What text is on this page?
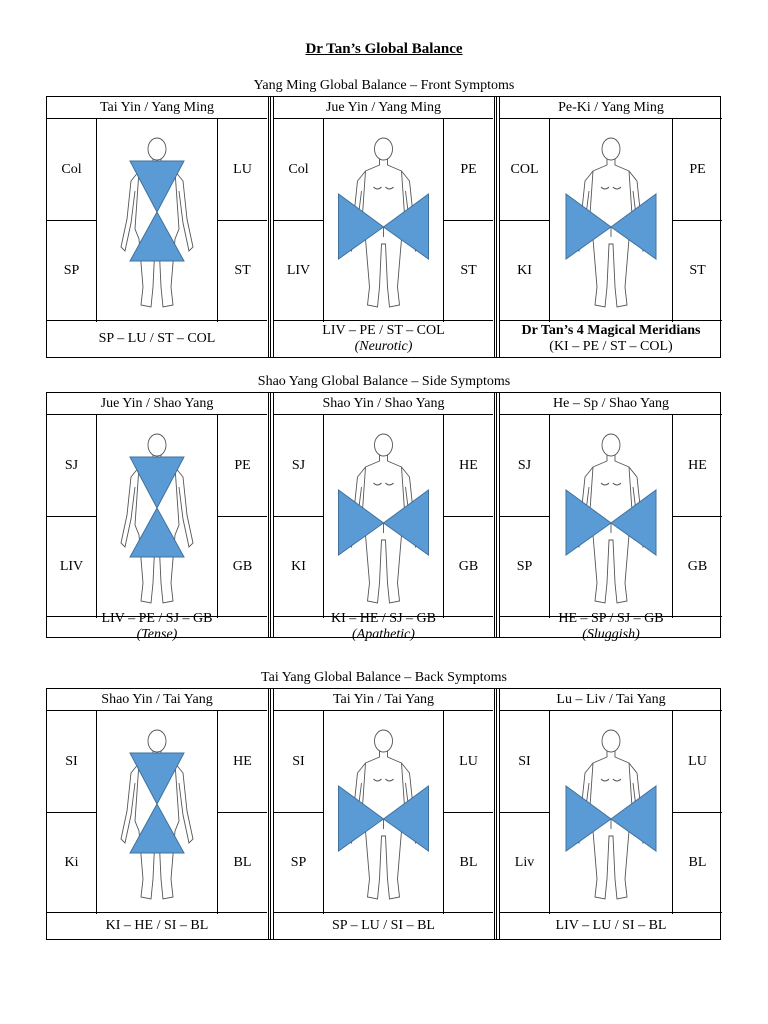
Dr Tan’s Global Balance
Tai Yin / Yang Ming
Col
SP
LU
ST
SP – LU / ST – COL
Jue Yin / Yang Ming
Col
LIV
PE
ST
LIV – PE / ST – COL
(Neurotic)
Pe-Ki / Yang Ming
COL
KI
PE
ST
Dr Tan’s 4 Magical Meridians
(KI – PE / ST – COL)
Jue Yin / Shao Yang
SJ
LIV
PE
GB
LIV – PE / SJ – GB
(Tense)
Shao Yin / Shao Yang
SJ
KI
HE
GB
KI – HE / SJ – GB
(Apathetic)
He – Sp / Shao Yang
SJ
SP
HE
GB
HE – SP / SJ – GB
(Sluggish)
Shao Yin / Tai Yang
SI
Ki
HE
BL
KI – HE / SI – BL
Tai Yin / Tai Yang
SI
SP
LU
BL
SP – LU / SI – BL
Lu – Liv / Tai Yang
SI
Liv
LU
BL
LIV – LU / SI – BL
Yang Ming Global Balance – Front Symptoms
Shao Yang Global Balance – Side Symptoms
Tai Yang Global Balance – Back Symptoms
